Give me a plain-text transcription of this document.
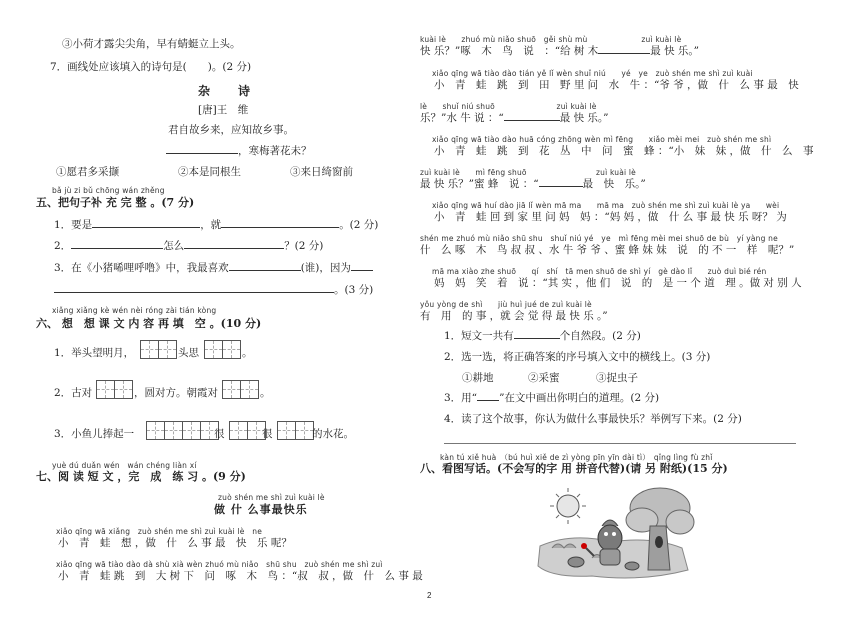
③小荷才露尖尖角，早有蜻蜓立上头。
7．画线处应该填入的诗句是(　　)。(2 分)
杂　诗
[唐]王　维
君自故乡来，应知故乡事。
，寒梅著花未？
①愿君多采撷	②本是同根生	③来日绮窗前
bǎ jù zi bǔ chōng wán zhěng
五、把句子补 充 完 整 。(7 分)
1．要是	，就	。(2 分)
2．	怎么	？(2 分)
3．在《小猪唏哩呼噜》中，我最喜欢	(谁)，因为
。(3 分)
xiǎng xiǎng kè wén nèi róng zài tián kòng
六、 想　想 课 文 内 容 再 填　空 。(10 分)
1．举头望明月，	头思	。
2．古对	，圆对方。朝霞对	。
3．小鱼儿捧起一	很	很	的水花。
yuè dú duǎn wén　wán chéng liàn xí
七、阅 读 短 文 ，完　成　练 习 。(9 分)
zuò shén me shì zuì kuài lè
做 什 么事最快乐
xiǎo qīng wā xiǎng　zuò shén me shì zuì kuài lè　ne
小　青　蛙　想 ，做　什　么 事 最　快　乐 呢？
xiǎo qīng wā tiào dào dà shù xià wèn zhuó mù niǎo　shū shu　zuò shén me shì zuì
小　青　蛙 跳　到　大 树 下　问　啄　木　鸟 ：“叔　叔 ，做　什　么 事 最
kuài lè　　zhuó mù niǎo shuō　gěi shù mù　　　　　　　zuì kuài lè
快 乐？”啄　木　鸟　说　：“给 树 木	最 快 乐。”
xiǎo qīng wā tiào dào tián yě lǐ wèn shuǐ niú　　yé　ye　zuò shén me shì zuì kuài
小　青　蛙　跳　到　田　野 里 问　水　牛 ：“爷 爷 ，做　什　么 事 最　快
lè　　shuǐ niú shuō　　　　　　　　zuì kuài lè
乐？”水 牛 说 ：“	最 快 乐。”
xiǎo qīng wā tiào dào huā cóng zhōng wèn mì fēng　　xiǎo mèi mei　zuò shén me shì
小　青　蛙　跳　到　花　丛　中　问　蜜　蜂 ：“小　妹　妹 ，做　什　么　事
zuì kuài lè　　mì fēng shuō　　　　　　　　　zuì kuài lè
最 快 乐？”蜜 蜂　说 ：“	最　快　乐。”
xiǎo qīng wā huí dào jiā lǐ wèn mā ma　　mā ma　zuò shén me shì zuì kuài lè ya　　wèi
小　青　蛙 回 到 家 里 问 妈　妈 ：“妈 妈 ，做　什 么 事 最 快 乐 呀？ 为
shén me zhuó mù niǎo shū shu　shuǐ niú yé　ye　mì fēng mèi mei shuō de bù　yí yàng ne
什　么 啄　木　鸟 叔 叔 、水 牛 爷 爷 、蜜 蜂 妹 妹　说　的 不 一　样　呢？”
mā ma xiào zhe shuō　　qí　shí　tā men shuō de shì yí　gè dào lǐ　　zuò duì bié rén
妈　妈　笑　着　说 ：“其 实 ，他 们　说　的　是 一 个 道　理 。做 对 别 人
yǒu yòng de shì　　jiù huì jué de zuì kuài lè
有　用　的 事 ，就 会 觉 得 最 快 乐 。”
1．短文一共有	个自然段。(2 分)
2．选一选，将正确答案的序号填入文中的横线上。(3 分)
①耕地	②采蜜	③捉虫子
3．用“ ”在文中画出你明白的道理。(2 分)
4．读了这个故事，你认为做什么事最快乐？举例写下来。(2 分)
kàn tú xiě huà　（bú huì xiě de zì yòng pīn yīn dài tì）　qǐng lìng fù zhǐ
八、看图写话。(不会写的字 用 拼音代替)(请 另 附纸)(15 分)
2
